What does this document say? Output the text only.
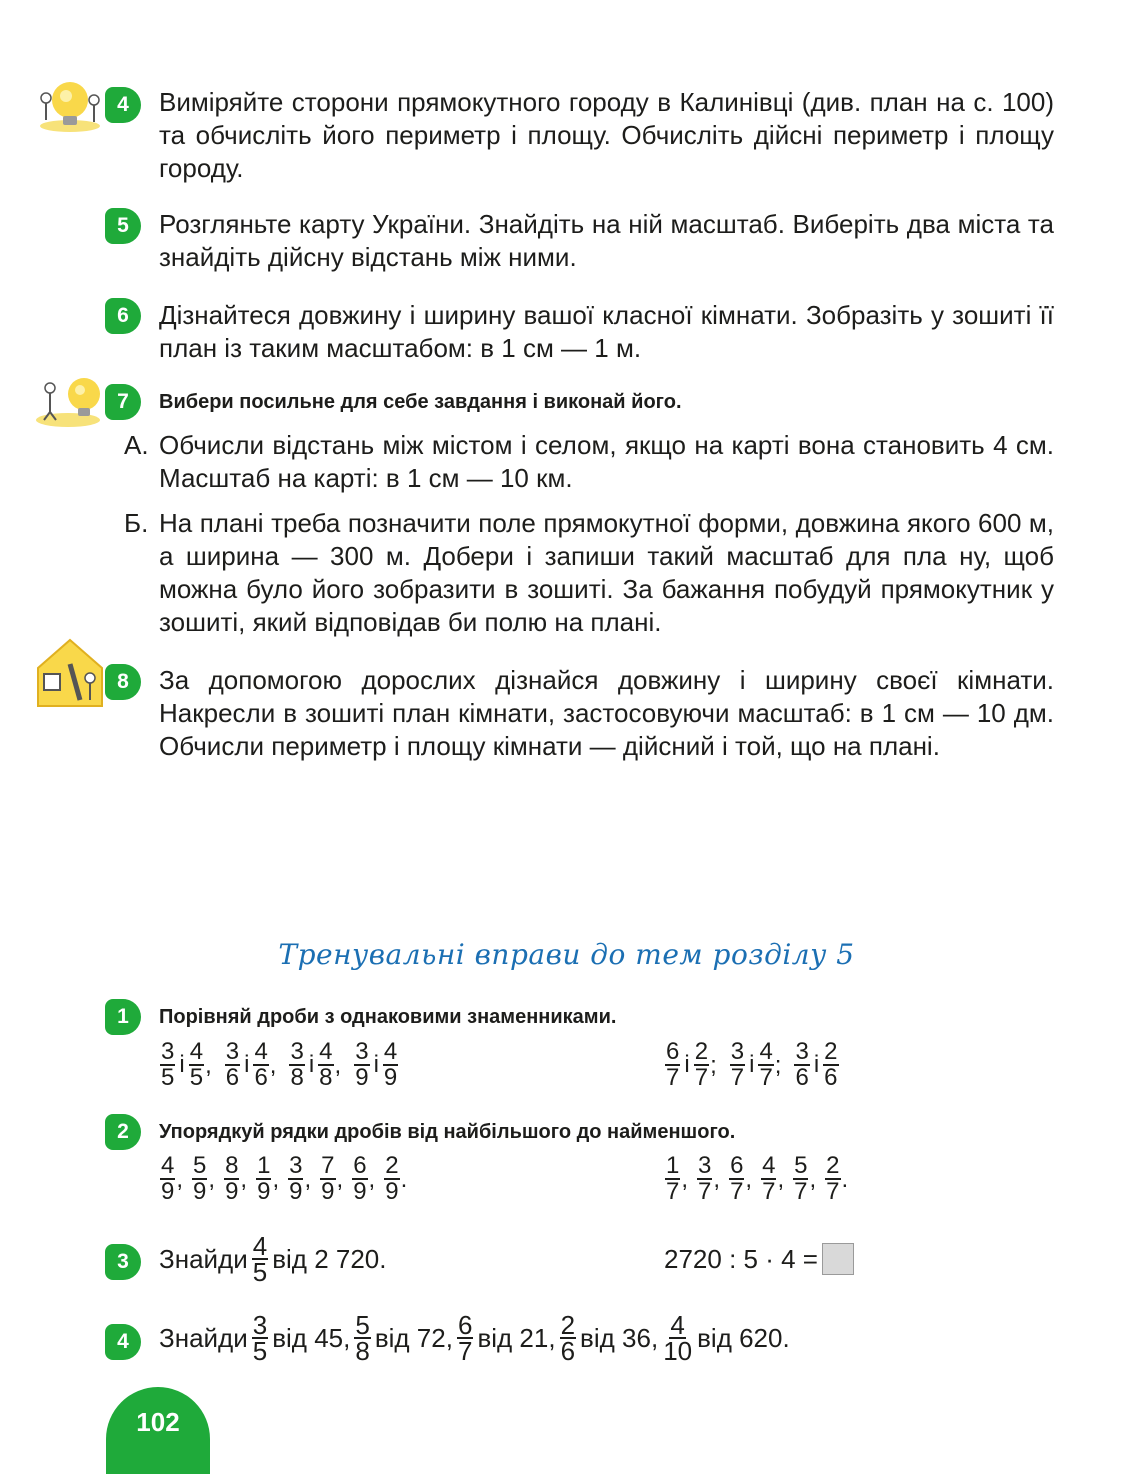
4	Виміряйте сторони прямокутного городу в Калинівці (див. план на с. 100) та обчисліть його периметр і площу. Обчисліть дійсні периметр і площу городу.

5	Розгляньте карту України. Знайдіть на ній масштаб. Виберіть два міста та знайдіть дійсну відстань між ними.

6	Дізнайтеся довжину і ширину вашої класної кімнати. Зобразіть у зошиті її план із таким масштабом: в 1 см — 1 м.

7	Вибери посильне для себе завдання і виконай його.
А. Обчисли відстань між містом і селом, якщо на карті вона становить 4 см. Масштаб на карті: в 1 см — 10 км.
Б. На плані треба позначити поле прямокутної форми, довжина якого 600 м, а ширина — 300 м. Добери і запиши такий масштаб для пла ну, щоб можна було його зобразити в зошиті. За бажання побудуй прямокутник у зошиті, який відповідав би полю на плані.
8	За допомогою дорослих дізнайся довжину і ширину своєї кімнати. Накресли в зошиті план кімнати, застосовуючи масштаб: в 1 см — 10 дм. Обчисли периметр і площу кімнати — дійсний і той, що на плані.

Тренувальні вправи до тем розділу 5
1	Порівняй дроби з однаковими знаменниками.
$\frac{3}{5}$ і $\frac{4}{5}$ , $\frac{3}{6}$ і $\frac{4}{6}$ , $\frac{3}{8}$ і $\frac{4}{8}$ , $\frac{3}{9}$ і $\frac{4}{9}$	$\frac{6}{7}$ і $\frac{2}{7}$ ; $\frac{3}{7}$ і $\frac{4}{7}$ ; $\frac{3}{6}$ і $\frac{2}{6}$
2	Упорядкуй рядки дробів від найбільшого до найменшого.
$\frac{4}{9}$ , $\frac{5}{9}$ , $\frac{8}{9}$ , $\frac{1}{9}$ , $\frac{3}{9}$ , $\frac{7}{9}$ , $\frac{6}{9}$ , $\frac{2}{9}$ .	$\frac{1}{7}$ , $\frac{3}{7}$ , $\frac{6}{7}$ , $\frac{4}{7}$ , $\frac{5}{7}$ , $\frac{2}{7}$ .
3	Знайди $\frac{4}{5}$ від 2 720.	2720 : 5 · 4 =
4	Знайди $\frac{3}{5}$ від 45, $\frac{5}{8}$ від 72, $\frac{6}{7}$ від 21, $\frac{2}{6}$ від 36, $\frac{4}{10}$ від 620.
102
